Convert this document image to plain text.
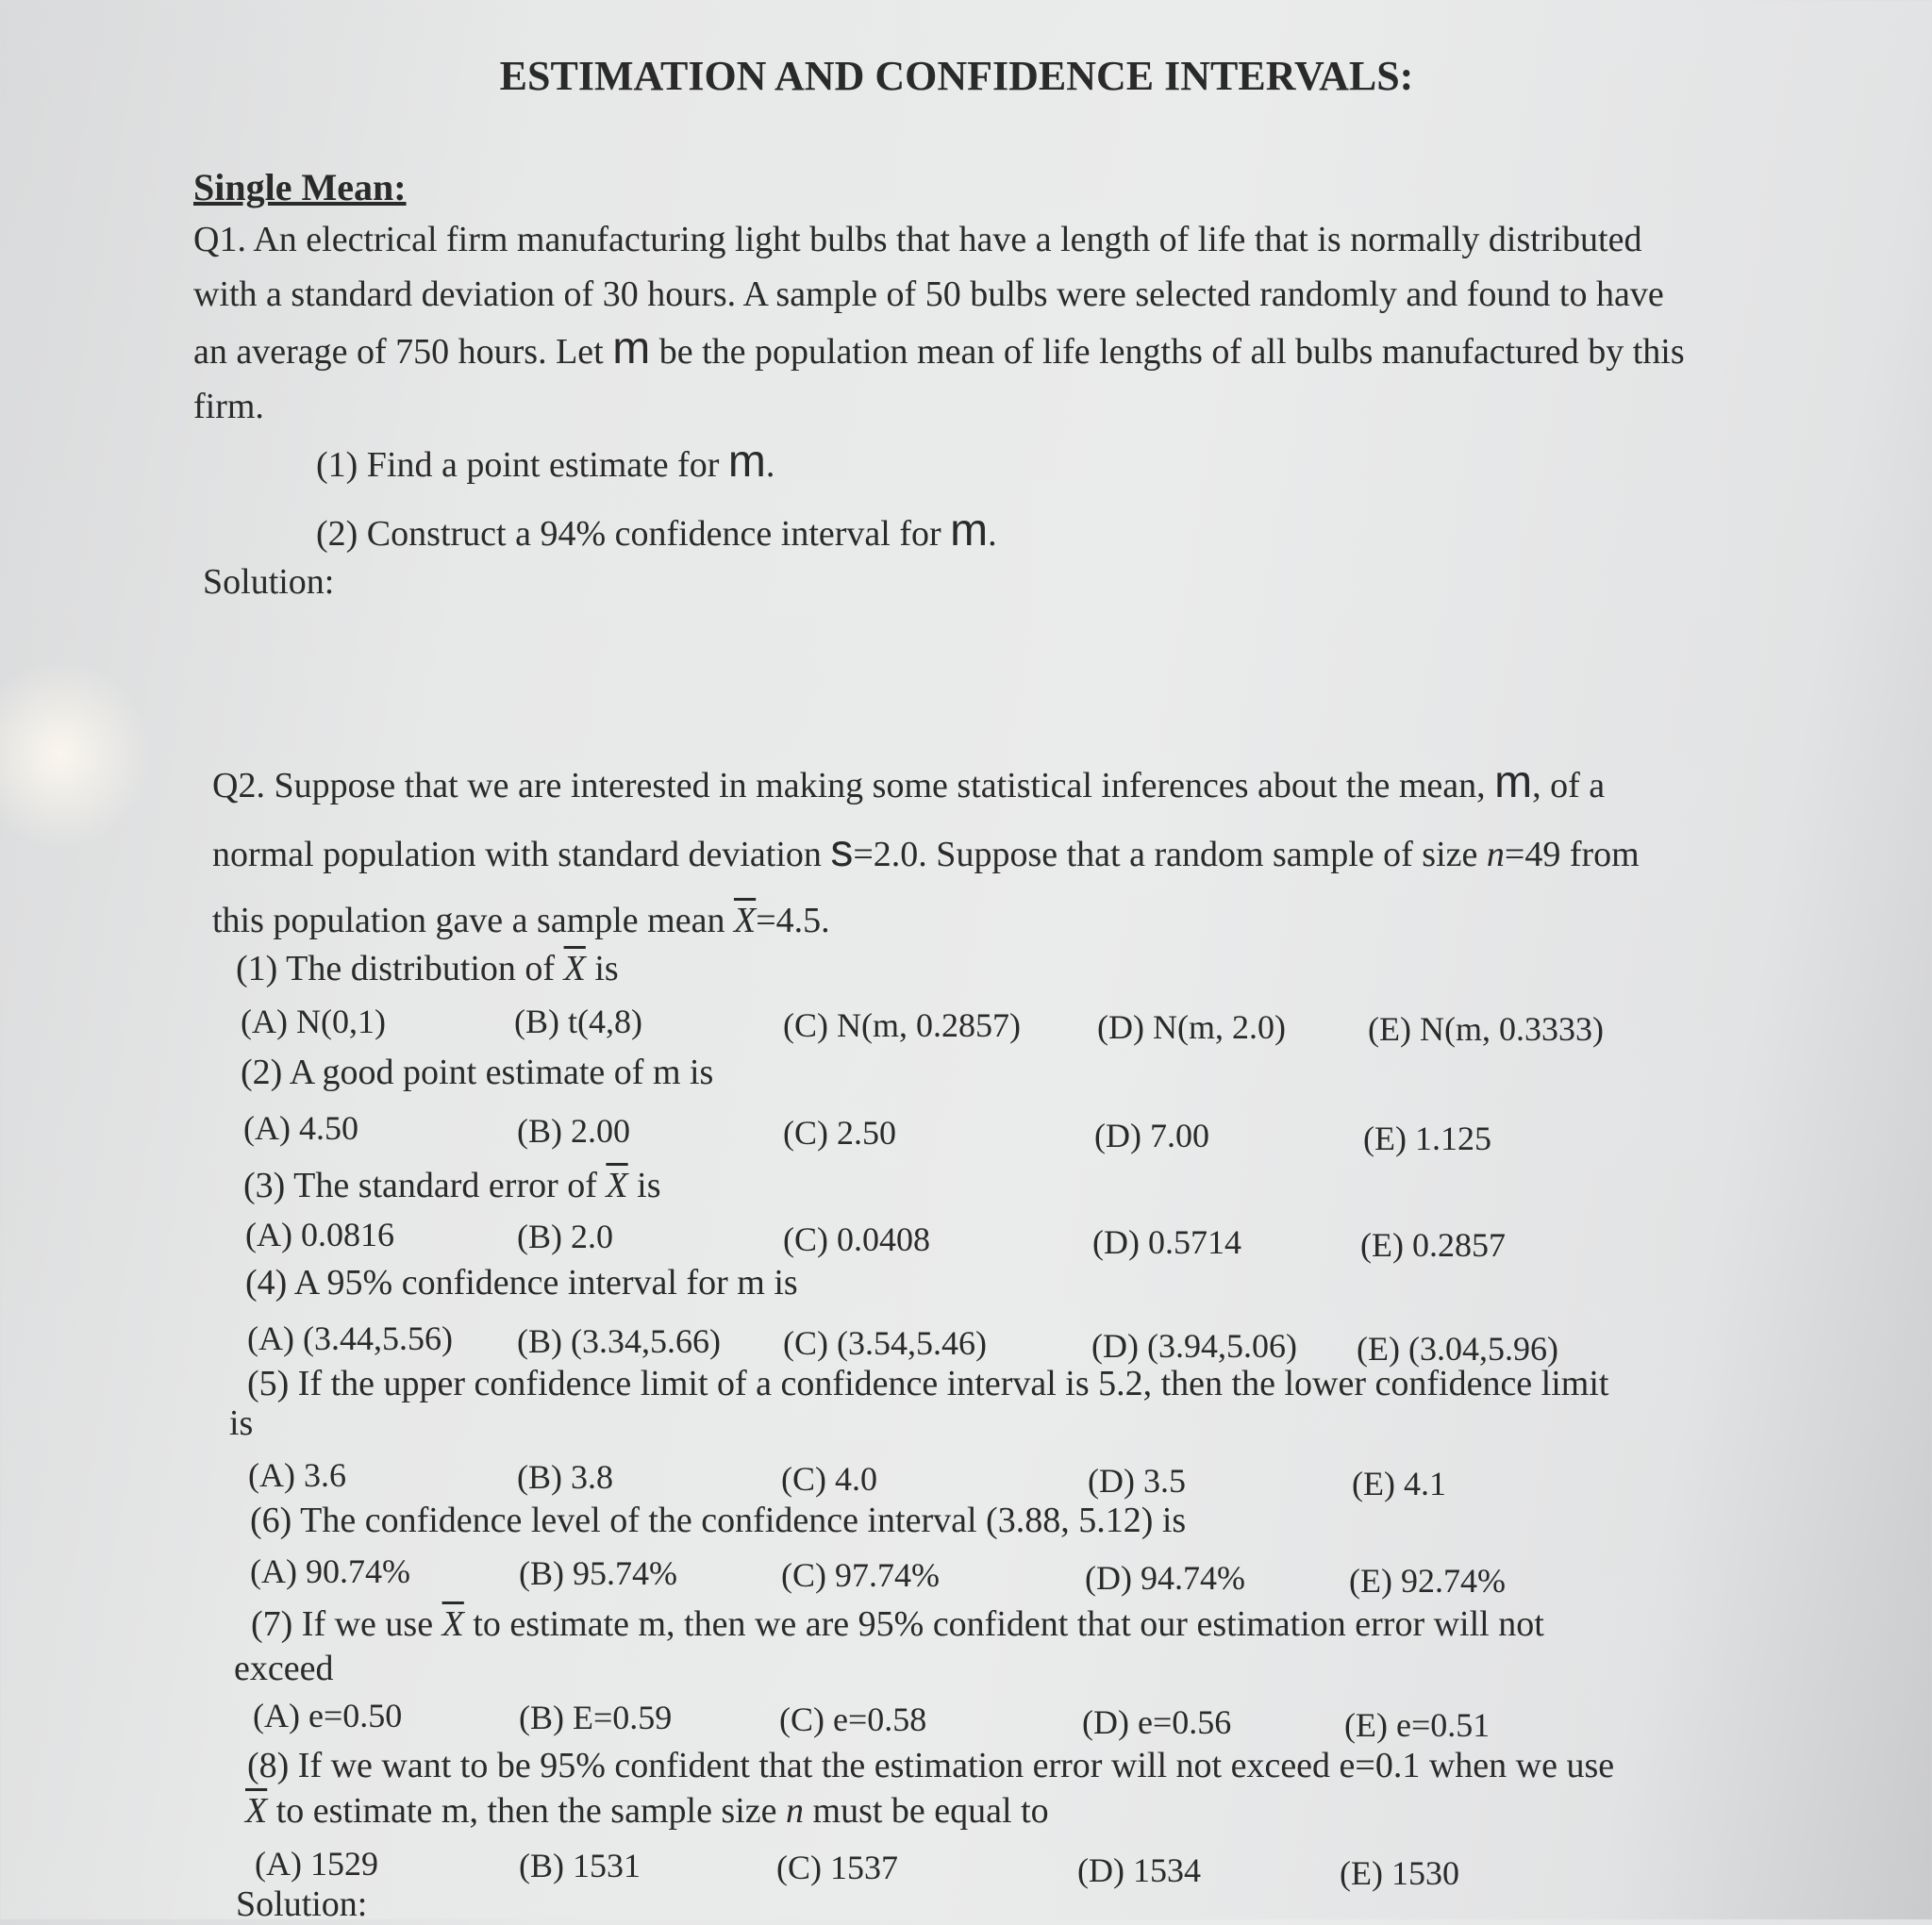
ESTIMATION AND CONFIDENCE INTERVALS:
Single Mean:
Q1. An electrical firm manufacturing light bulbs that have a length of life that is normally distributed with a standard deviation of 30 hours. A sample of 50 bulbs were selected randomly and found to have an average of 750 hours. Let m be the population mean of life lengths of all bulbs manufactured by this firm.
(1) Find a point estimate for m.
(2) Construct a 94% confidence interval for m.
Solution:
Q2. Suppose that we are interested in making some statistical inferences about the mean, m, of a normal population with standard deviation s=2.0. Suppose that a random sample of size n=49 from this population gave a sample mean $\overline{X}=4.5$.
(1) The distribution of $\overline{X}$ is
(A) N(0,1)	(B) t(4,8)	(C) N(m, 0.2857) (D) N(m, 2.0) (E) N(m, 0.3333)
(2) A good point estimate of m is
(A) 4.50	(B) 2.00	(C) 2.50	(D) 7.00	(E) 1.125
(3) The standard error of $\overline{X}$ is
(A) 0.0816	(B) 2.0	(C) 0.0408	(D) 0.5714	(E) 0.2857
(4) A 95% confidence interval for m is
(A) (3.44,5.56) (B) (3.34,5.66) (C) (3.54,5.46)	(D) (3.94,5.06) (E) (3.04,5.96)
(5) If the upper confidence limit of a confidence interval is 5.2, then the lower confidence limit
is
(A) 3.6	(B) 3.8	(C) 4.0	(D) 3.5	(E) 4.1
(6) The confidence level of the confidence interval (3.88, 5.12) is
(A) 90.74%	(B) 95.74%	(C) 97.74%	(D) 94.74%	(E) 92.74%
(7) If we use $\overline{X}$ to estimate m, then we are 95% confident that our estimation error will not
exceed
(A) e=0.50	(B) E=0.59	(C) e=0.58	(D) e=0.56	(E) e=0.51
(8) If we want to be 95% confident that the estimation error will not exceed e=0.1 when we use
$\overline{X}$ to estimate m, then the sample size n must be equal to
(A) 1529	(B) 1531	(C) 1537	(D) 1534	(E) 1530
Solution:
